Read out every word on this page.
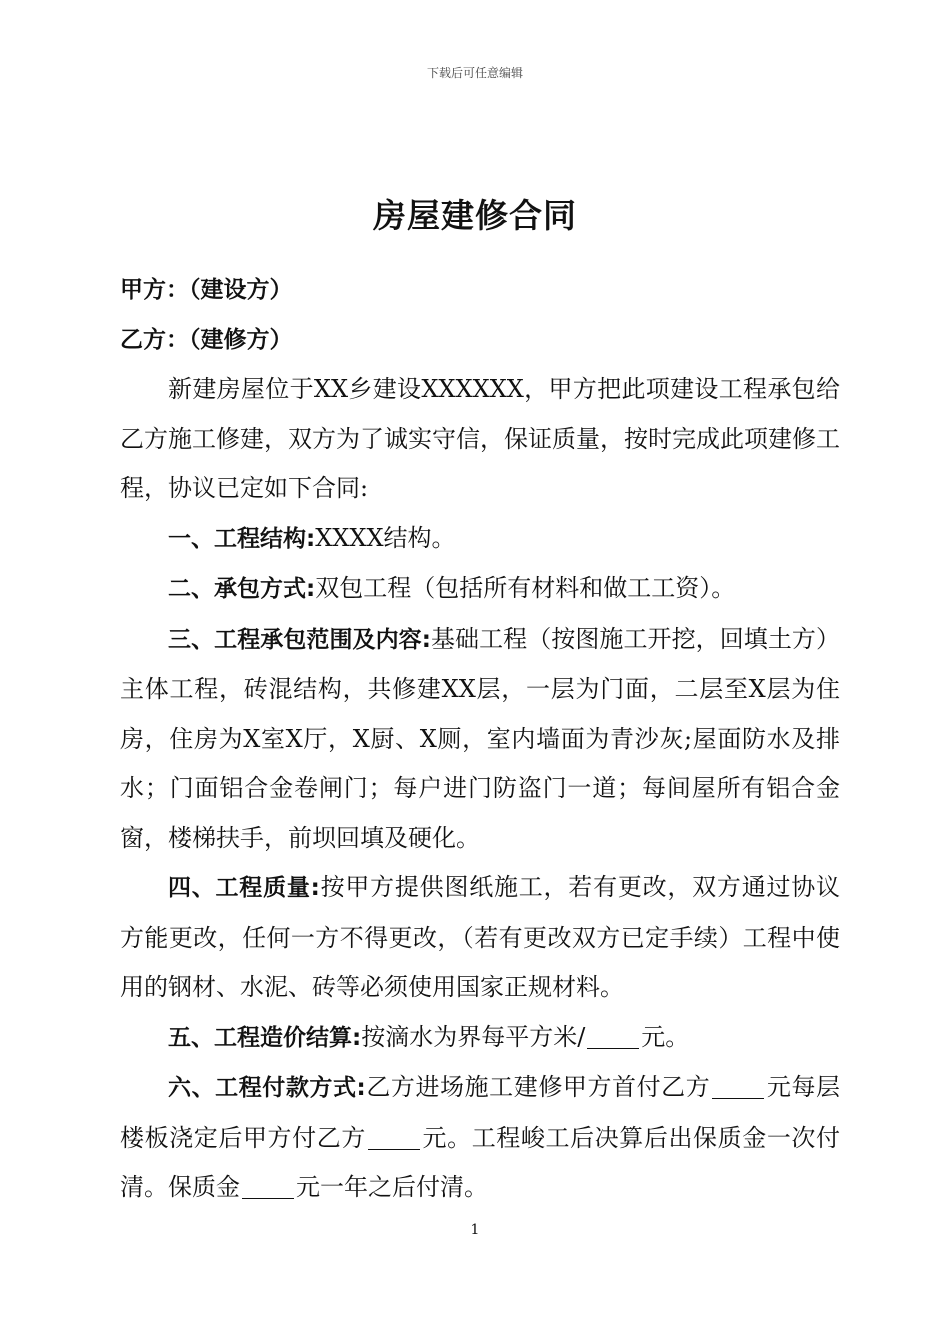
下载后可任意编辑
房屋建修合同
甲方：（建设方）
乙方：（建修方）

新建房屋位于XX乡建设XXXXXX，甲方把此项建设工程承包给乙方施工修建，双方为了诚实守信，保证质量，按时完成此项建修工程，协议已定如下合同:

一、工程结构:XXXX结构。

二、承包方式:双包工程（包括所有材料和做工工资）。

三、工程承包范围及内容:基础工程（按图施工开挖，回填土方）主体工程，砖混结构，共修建XX层，一层为门面，二层至X层为住房，住房为X室X厅，X厨、X厕，室内墙面为青沙灰;屋面防水及排水；门面铝合金卷闸门；每户进门防盗门一道；每间屋所有铝合金窗，楼梯扶手，前坝回填及硬化。

四、工程质量:按甲方提供图纸施工，若有更改，双方通过协议方能更改，任何一方不得更改，（若有更改双方已定手续）工程中使用的钢材、水泥、砖等必须使用国家正规材料。

五、工程造价结算:按滴水为界每平方米/ 元。

六、工程付款方式:乙方进场施工建修甲方首付乙方 元每层楼板浇定后甲方付乙方 元。工程峻工后决算后出保质金一次付清。保质金 元一年之后付清。

1
